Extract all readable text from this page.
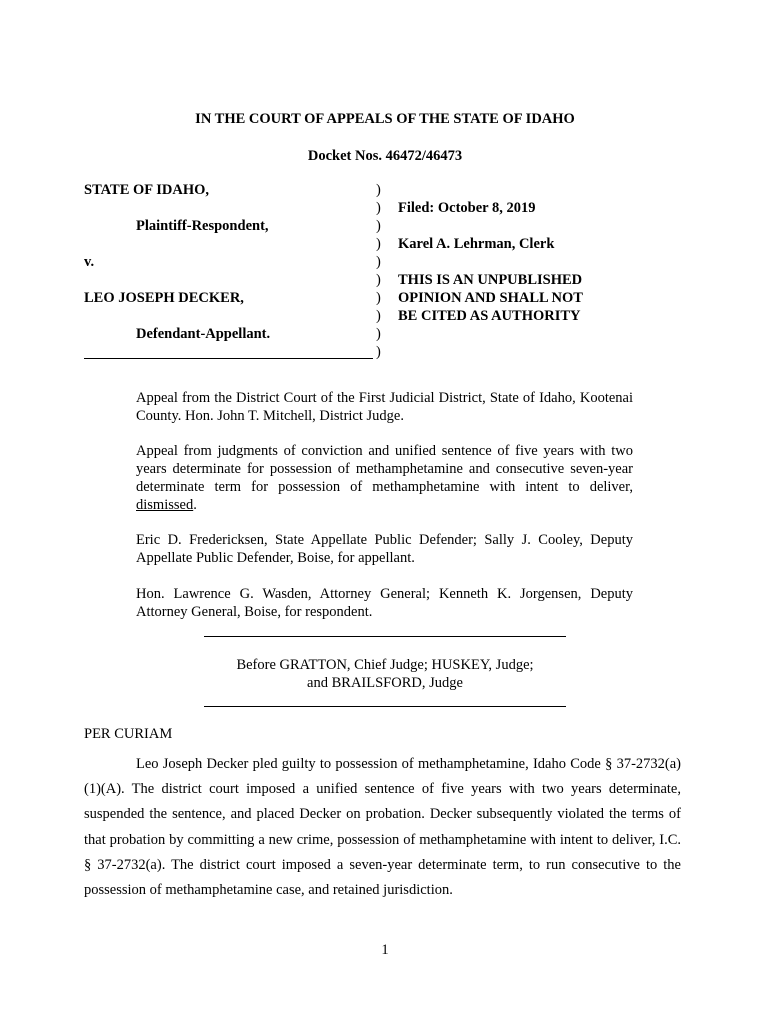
IN THE COURT OF APPEALS OF THE STATE OF IDAHO
Docket Nos. 46472/46473
STATE OF IDAHO,
Plaintiff-Respondent,
v.
LEO JOSEPH DECKER,
Defendant-Appellant.
)
)
)
)
)
)
)
)
)
)
Filed: October 8, 2019
Karel A. Lehrman, Clerk
THIS IS AN UNPUBLISHED
OPINION AND SHALL NOT
BE CITED AS AUTHORITY
Appeal from the District Court of the First Judicial District, State of Idaho, Kootenai County. Hon. John T. Mitchell, District Judge.
Appeal from judgments of conviction and unified sentence of five years with two years determinate for possession of methamphetamine and consecutive seven-year determinate term for possession of methamphetamine with intent to deliver, dismissed.
Eric D. Fredericksen, State Appellate Public Defender; Sally J. Cooley, Deputy Appellate Public Defender, Boise, for appellant.
Hon. Lawrence G. Wasden, Attorney General; Kenneth K. Jorgensen, Deputy Attorney General, Boise, for respondent.
Before GRATTON, Chief Judge; HUSKEY, Judge;
and BRAILSFORD, Judge
PER CURIAM
Leo Joseph Decker pled guilty to possession of methamphetamine, Idaho Code § 37-2732(a)(1)(A). The district court imposed a unified sentence of five years with two years determinate, suspended the sentence, and placed Decker on probation. Decker subsequently violated the terms of that probation by committing a new crime, possession of methamphetamine with intent to deliver, I.C. § 37-2732(a). The district court imposed a seven-year determinate term, to run consecutive to the possession of methamphetamine case, and retained jurisdiction.
1
